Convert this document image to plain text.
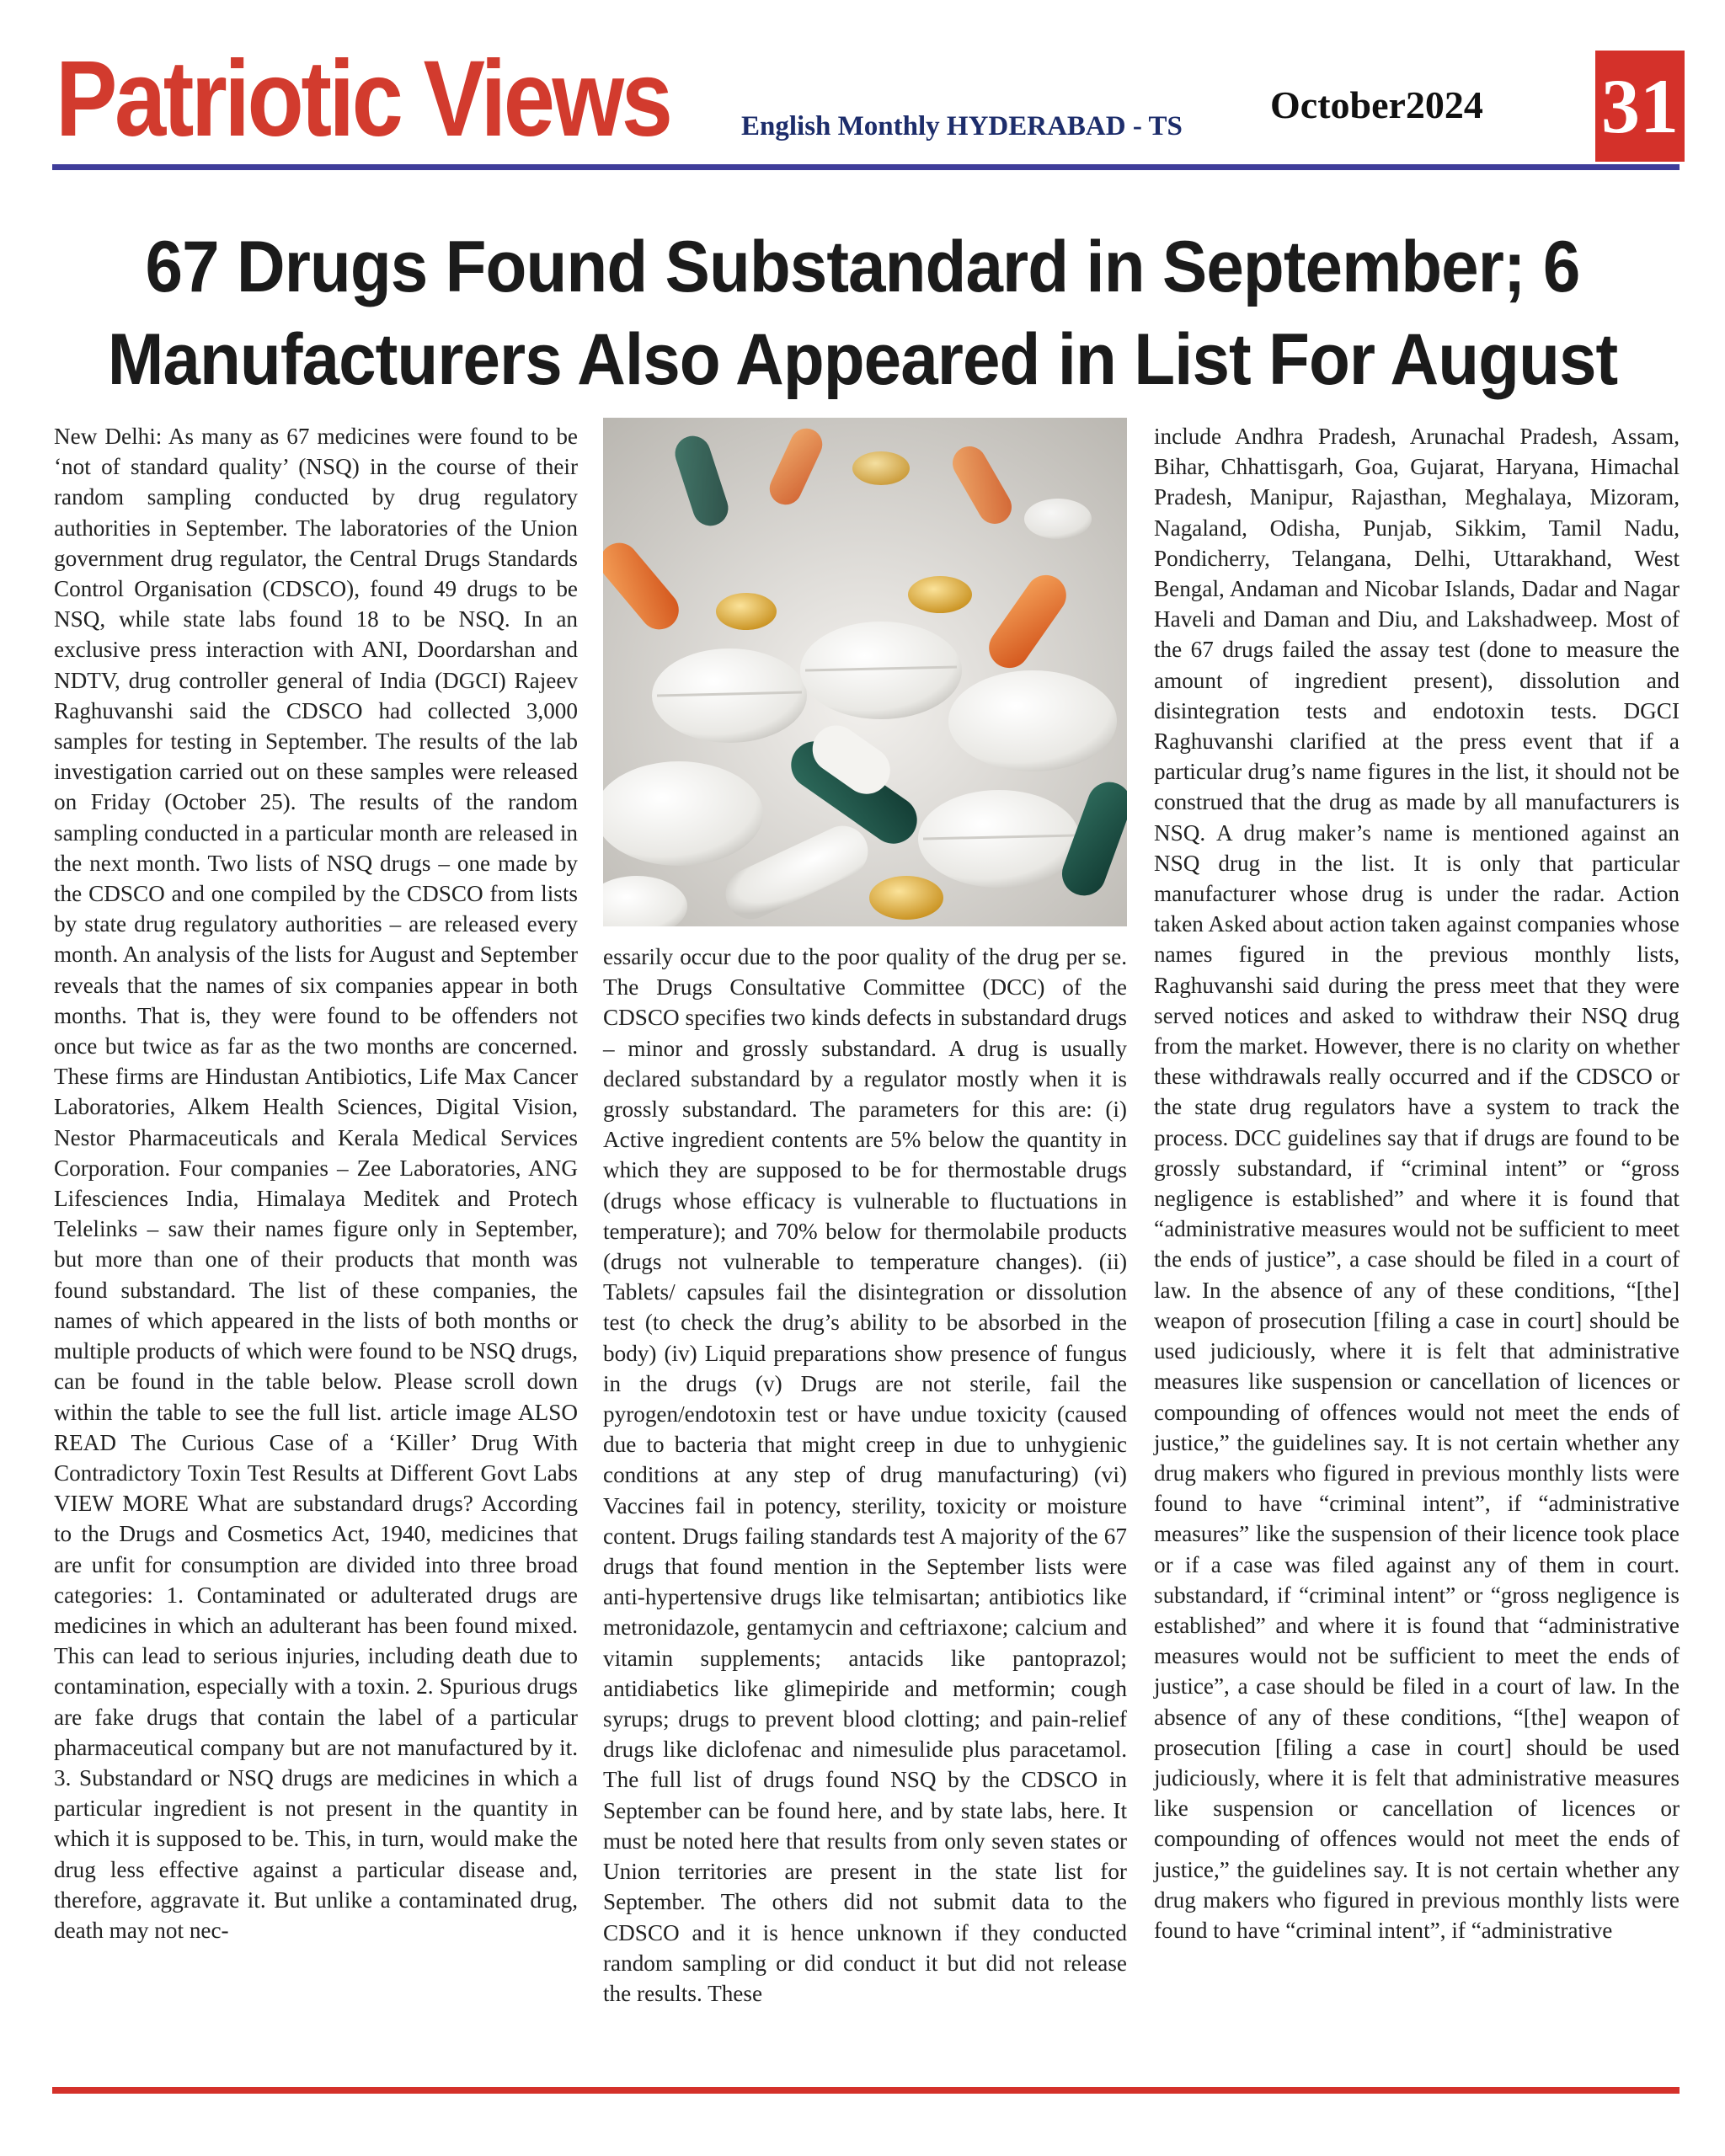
Patriotic Views	English Monthly HYDERABAD - TS October2024 31
67 Drugs Found Substandard in September; 6 Manufacturers Also Appeared in List For August

New Delhi: As many as 67 medicines were found to be ‘not of standard quality’ (NSQ) in the course of their random sampling conducted by drug regulatory authorities in September. The laboratories of the Union government drug regulator, the Central Drugs Standards Control Organisation (CDSCO), found 49 drugs to be NSQ, while state labs found 18 to be NSQ. In an exclusive press interaction with ANI, Doordarshan and NDTV, drug controller general of India (DGCI) Rajeev Raghuvanshi said the CDSCO had collected 3,000 samples for testing in September. The results of the lab investigation carried out on these samples were released on Friday (October 25). The results of the random sampling conducted in a particular month are released in the next month. Two lists of NSQ drugs – one made by the CDSCO and one compiled by the CDSCO from lists by state drug regulatory authorities – are released every month. An analysis of the lists for August and September reveals that the names of six companies appear in both months. That is, they were found to be offenders not once but twice as far as the two months are concerned. These firms are Hindustan Antibiotics, Life Max Cancer Laboratories, Alkem Health Sciences, Digital Vision, Nestor Pharmaceuticals and Kerala Medical Services Corporation. Four companies – Zee Laboratories, ANG Lifesciences India, Himalaya Meditek and Protech Telelinks – saw their names figure only in September, but more than one of their products that month was found substandard. The list of these companies, the names of which appeared in the lists of both months or multiple products of which were found to be NSQ drugs, can be found in the table below. Please scroll down within the table to see the full list. article image ALSO READ The Curious Case of a ‘Killer’ Drug With Contradictory Toxin Test Results at Different Govt Labs VIEW MORE What are substandard drugs? According to the Drugs and Cosmetics Act, 1940, medicines that are unfit for consumption are divided into three broad categories: 1. Contaminated or adulterated drugs are medicines in which an adulterant has been found mixed. This can lead to serious injuries, including death due to contamination, especially with a toxin. 2. Spurious drugs are fake drugs that contain the label of a particular pharmaceutical company but are not manufactured by it. 3. Substandard or NSQ drugs are medicines in which a particular ingredient is not present in the quantity in which it is supposed to be. This, in turn, would make the drug less effective against a particular disease and, therefore, aggravate it. But unlike a contaminated drug, death may not nec-

essarily occur due to the poor quality of the drug per se. The Drugs Consultative Committee (DCC) of the CDSCO specifies two kinds defects in substandard drugs – minor and grossly substandard. A drug is usually declared substandard by a regulator mostly when it is grossly substandard. The parameters for this are: (i) Active ingredient contents are 5% below the quantity in which they are supposed to be for thermostable drugs (drugs whose efficacy is vulnerable to fluctuations in temperature); and 70% below for thermolabile products (drugs not vulnerable to temperature changes). (ii) Tablets/ capsules fail the disintegration or dissolution test (to check the drug’s ability to be absorbed in the body) (iv) Liquid preparations show presence of fungus in the drugs (v) Drugs are not sterile, fail the pyrogen/endotoxin test or have undue toxicity (caused due to bacteria that might creep in due to unhygienic conditions at any step of drug manufacturing) (vi) Vaccines fail in potency, sterility, toxicity or moisture content. Drugs failing standards test A majority of the 67 drugs that found mention in the September lists were anti-hypertensive drugs like telmisartan; antibiotics like metronidazole, gentamycin and ceftriaxone; calcium and vitamin supplements; antacids like pantoprazol; antidiabetics like glimepiride and metformin; cough syrups; drugs to prevent blood clotting; and pain-relief drugs like diclofenac and nimesulide plus paracetamol. The full list of drugs found NSQ by the CDSCO in September can be found here, and by state labs, here. It must be noted here that results from only seven states or Union territories are present in the state list for September. The others did not submit data to the CDSCO and it is hence unknown if they conducted random sampling or did conduct it but did not release the results. These

include Andhra Pradesh, Arunachal Pradesh, Assam, Bihar, Chhattisgarh, Goa, Gujarat, Haryana, Himachal Pradesh, Manipur, Rajasthan, Meghalaya, Mizoram, Nagaland, Odisha, Punjab, Sikkim, Tamil Nadu, Pondicherry, Telangana, Delhi, Uttarakhand, West Bengal, Andaman and Nicobar Islands, Dadar and Nagar Haveli and Daman and Diu, and Lakshadweep. Most of the 67 drugs failed the assay test (done to measure the amount of ingredient present), dissolution and disintegration tests and endotoxin tests. DGCI Raghuvanshi clarified at the press event that if a particular drug’s name figures in the list, it should not be construed that the drug as made by all manufacturers is NSQ. A drug maker’s name is mentioned against an NSQ drug in the list. It is only that particular manufacturer whose drug is under the radar. Action taken Asked about action taken against companies whose names figured in the previous monthly lists, Raghuvanshi said during the press meet that they were served notices and asked to withdraw their NSQ drug from the market. However, there is no clarity on whether these withdrawals really occurred and if the CDSCO or the state drug regulators have a system to track the process. DCC guidelines say that if drugs are found to be grossly substandard, if “criminal intent” or “gross negligence is established” and where it is found that “administrative measures would not be sufficient to meet the ends of justice”, a case should be filed in a court of law. In the absence of any of these conditions, “[the] weapon of prosecution [filing a case in court] should be used judiciously, where it is felt that administrative measures like suspension or cancellation of licences or compounding of offences would not meet the ends of justice,” the guidelines say. It is not certain whether any drug makers who figured in previous monthly lists were found to have “criminal intent”, if “administrative measures” like the suspension of their licence took place or if a case was filed against any of them in court. substandard, if “criminal intent” or “gross negligence is established” and where it is found that “administrative measures would not be sufficient to meet the ends of justice”, a case should be filed in a court of law. In the absence of any of these conditions, “[the] weapon of prosecution [filing a case in court] should be used judiciously, where it is felt that administrative measures like suspension or cancellation of licences or compounding of offences would not meet the ends of justice,” the guidelines say. It is not certain whether any drug makers who figured in previous monthly lists were found to have “criminal intent”, if “administrative
